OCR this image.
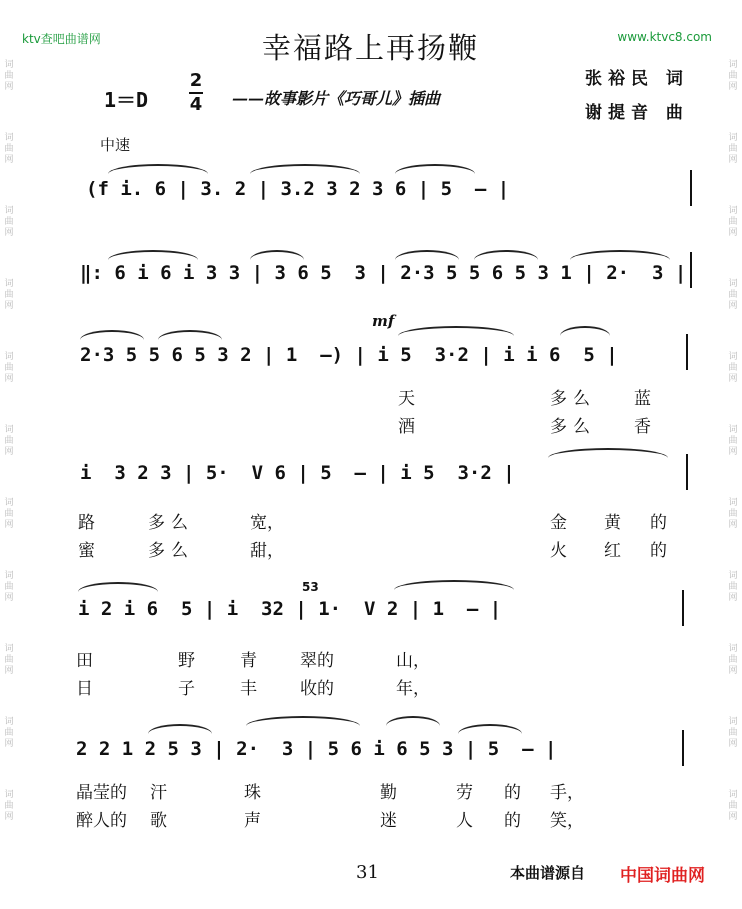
词曲网
词曲网
词曲网
词曲网
词曲网
词曲网
词曲网
词曲网
词曲网
词曲网
词曲网
词曲网
词曲网
词曲网
词曲网
词曲网
词曲网
词曲网
词曲网
词曲网
词曲网
词曲网
ktv查吧曲谱网	www.ktvc8.com
幸福路上再扬鞭
1＝D
2
4 ——故事影片《巧哥儿》插曲
张裕民 词
谢提音 曲
中速
(f i. 6 | 3. 2 | 3.2 3 2 3 6 | 5  — |
‖: 6 i 6 i 3 3 | 3 6 5  3 | 2·3 5 5 6 5 3 1 | 2·  3 |
mf
2·3 5 5 6 5 3 2 | 1  —) | i 5  3·2 | i i 6  5 |
天	多么 蓝
酒	多么 香
i  3 2 3 | 5·  V 6 | 5  — | i 5  3·2 |
路	多么	宽，	金 黄 的
蜜	多么	甜，	火 红 的
53
i 2 i 6  5 | i  32 | 1·  V 2 | 1  — |
田	野	青	翠的	山，
日	子	丰	收的	年，
2 2 1 2 5 3 | 2·  3 | 5 6 i 6 5 3 | 5  — |
晶莹的 汗	珠	勤	劳 的 手，
醉人的 歌	声	迷	人 的 笑，
31	本曲谱源自 中国词曲网
